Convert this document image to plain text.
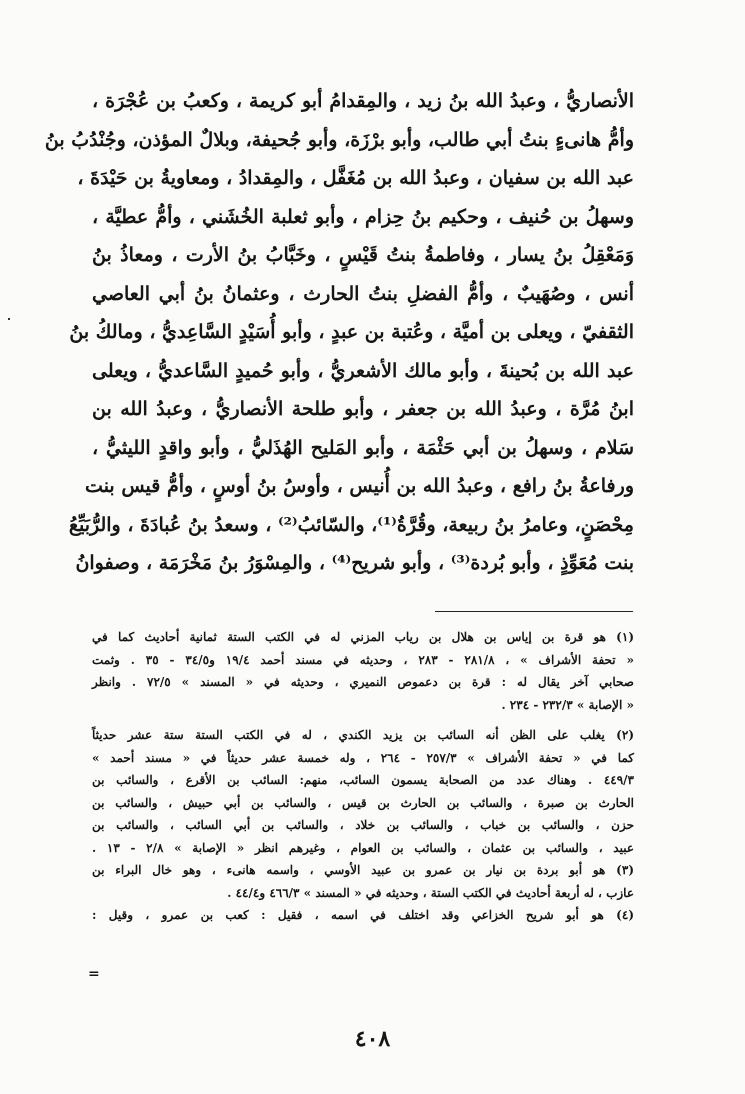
الأنصاريُّ ، وعبدُ الله بنُ زيد ، والمِقدامُ أبو كريمة ، وكعبُ بن عُجْرَة ،
وأمُّ هانىءٍ بنتُ أبي طالب، وأبو برْزَة، وأبو جُحيفة، وبلالٌ المؤذن، وجُنْدُبُ بنُ
عبد الله بن سفيان ، وعبدُ الله بن مُغَفَّل ، والمِقدادُ ، ومعاويةُ بن حَيْدَةَ ،
وسهلُ بن حُنيف ، وحكيم بنُ حِزام ، وأبو ثعلبة الخُشَني ، وأمُّ عطيَّة ،
وَمَعْقِلُ بنُ يسار ، وفاطمةُ بنتُ قَيْسٍ ، وخَبَّابُ بنُ الأرت ، ومعاذُ بنُ
أنس ، وصُهَيبٌ ، وأمُّ الفضلِ بنتُ الحارث ، وعثمانُ بنُ أبي العاصي
الثقفيّ ، ويعلى بن أميَّة ، وعُتبة بن عبدٍ ، وأبو أُسَيْدٍ السَّاعِديُّ ، ومالكُ بنُ
عبد الله بن بُحينةَ ، وأبو مالك الأشعريُّ ، وأبو حُميدٍ السَّاعديُّ ، ويعلى
ابنُ مُرَّة ، وعبدُ الله بن جعفر ، وأبو طلحة الأنصاريُّ ، وعبدُ الله بن
سَلام ، وسهلُ بن أبي حَثْمَة ، وأبو المَليح الهُذَليُّ ، وأبو واقدٍ الليثيُّ ،
ورفاعةُ بنُ رافع ، وعبدُ الله بن أُنيس ، وأوسُ بنُ أوسٍ ، وأمُّ قيس بنت
مِحْصَنٍ، وعامرُ بنُ ربيعة، وقُرَّةُ⁽¹⁾، والسّائبُ⁽²⁾ ، وسعدُ بنُ عُبادَةَ ، والرُّبَيِّعُ
بنت مُعَوِّذٍ ، وأبو بُردة⁽³⁾ ، وأبو شريح⁽⁴⁾ ، والمِسْوَرُ بنُ مَخْرَمَة ، وصفوانُ
(١) هو قرة بن إياس بن هلال بن رياب المزني له في الكتب الستة ثمانية أحاديث كما في
« تحفة الأشراف » ، ٢٨١/٨ - ٢٨٣ ، وحديثه في مسند أحمد ١٩/٤ و٣٤/٥ - ٣٥ . وثمت
صحابي آخر يقال له : قرة بن دعموص النميري ، وحديثه في « المسند » ٧٢/٥ . وانظر
« الإصابة » ٢٣٢/٣ - ٢٣٤ .
(٢) يغلب على الظن أنه السائب بن يزيد الكندي ، له في الكتب الستة ستة عشر حديثاً
كما في « تحفة الأشراف » ٢٥٧/٣ - ٢٦٤ ، وله خمسة عشر حديثاً في « مسند أحمد »
٤٤٩/٣ . وهناك عدد من الصحابة يسمون السائب، منهم: السائب بن الأقرع ، والسائب بن
الحارث بن صبرة ، والسائب بن الحارث بن قيس ، والسائب بن أبي حبيش ، والسائب بن
حزن ، والسائب بن خباب ، والسائب بن خلاد ، والسائب بن أبي السائب ، والسائب بن
عبيد ، والسائب بن عثمان ، والسائب بن العوام ، وغيرهم انظر « الإصابة » ٢/٨ - ١٣ .
(٣) هو أبو بردة بن نيار بن عمرو بن عبيد الأوسي ، واسمه هانىء ، وهو خال البراء بن
عازب ، له أربعة أحاديث في الكتب الستة ، وحديثه في « المسند » ٤٦٦/٣ و٤٤/٤ .
(٤) هو أبو شريح الخزاعي وقد اختلف في اسمه ، فقيل : كعب بن عمرو ، وقيل :
=
٤٠٨
